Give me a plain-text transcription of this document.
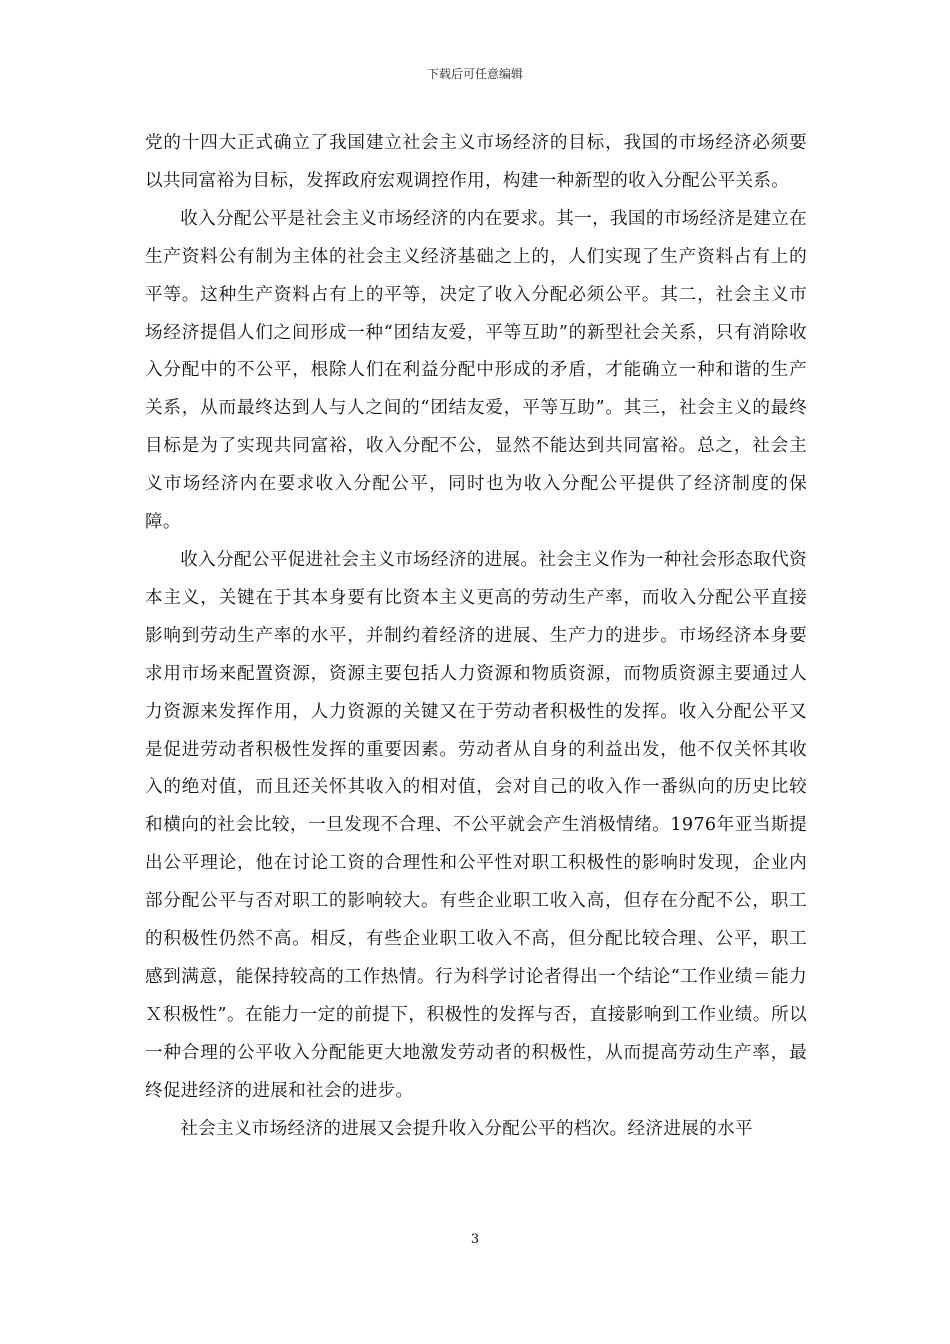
下载后可任意编辑

党的十四大正式确立了我国建立社会主义市场经济的目标，我国的市场经济必须要以共同富裕为目标，发挥政府宏观调控作用，构建一种新型的收入分配公平关系。

收入分配公平是社会主义市场经济的内在要求。其一，我国的市场经济是建立在生产资料公有制为主体的社会主义经济基础之上的，人们实现了生产资料占有上的平等。这种生产资料占有上的平等，决定了收入分配必须公平。其二，社会主义市场经济提倡人们之间形成一种“团结友爱，平等互助”的新型社会关系，只有消除收入分配中的不公平，根除人们在利益分配中形成的矛盾，才能确立一种和谐的生产关系，从而最终达到人与人之间的“团结友爱，平等互助”。其三，社会主义的最终目标是为了实现共同富裕，收入分配不公，显然不能达到共同富裕。总之，社会主义市场经济内在要求收入分配公平，同时也为收入分配公平提供了经济制度的保障。

收入分配公平促进社会主义市场经济的进展。社会主义作为一种社会形态取代资本主义，关键在于其本身要有比资本主义更高的劳动生产率，而收入分配公平直接影响到劳动生产率的水平，并制约着经济的进展、生产力的进步。市场经济本身要求用市场来配置资源，资源主要包括人力资源和物质资源，而物质资源主要通过人力资源来发挥作用，人力资源的关键又在于劳动者积极性的发挥。收入分配公平又是促进劳动者积极性发挥的重要因素。劳动者从自身的利益出发，他不仅关怀其收入的绝对值，而且还关怀其收入的相对值，会对自己的收入作一番纵向的历史比较和横向的社会比较，一旦发现不合理、不公平就会产生消极情绪。1976年亚当斯提出公平理论，他在讨论工资的合理性和公平性对职工积极性的影响时发现，企业内部分配公平与否对职工的影响较大。有些企业职工收入高，但存在分配不公，职工的积极性仍然不高。相反，有些企业职工收入不高，但分配比较合理、公平，职工感到满意，能保持较高的工作热情。行为科学讨论者得出一个结论“工作业绩＝能力Ｘ积极性”。在能力一定的前提下，积极性的发挥与否，直接影响到工作业绩。所以一种合理的公平收入分配能更大地激发劳动者的积极性，从而提高劳动生产率，最终促进经济的进展和社会的进步。

社会主义市场经济的进展又会提升收入分配公平的档次。经济进展的水平

3
